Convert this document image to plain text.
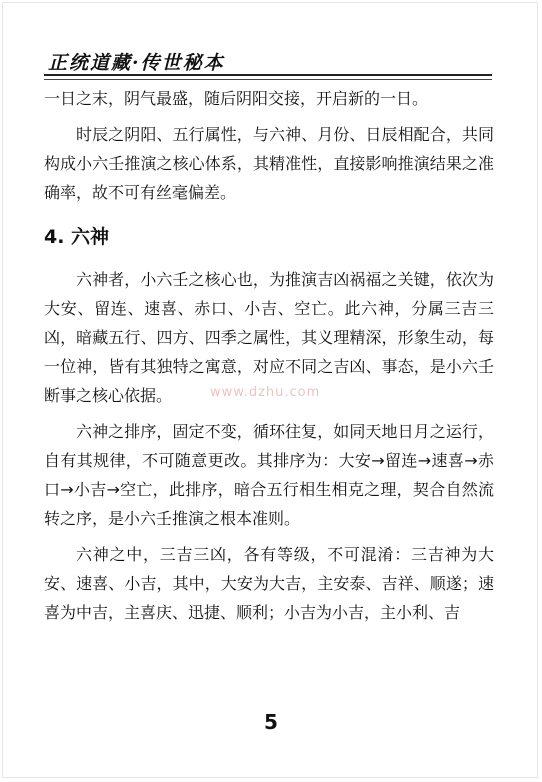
正统道藏·传世秘本

一日之末，阴气最盛，随后阴阳交接，开启新的一日。

时辰之阴阳、五行属性，与六神、月份、日辰相配合，共同构成小六壬推演之核心体系，其精准性，直接影响推演结果之准确率，故不可有丝毫偏差。

4. 六神

六神者，小六壬之核心也，为推演吉凶祸福之关键，依次为大安、留连、速喜、赤口、小吉、空亡。此六神，分属三吉三凶，暗藏五行、四方、四季之属性，其义理精深，形象生动，每一位神，皆有其独特之寓意，对应不同之吉凶、事态，是小六壬断事之核心依据。

六神之排序，固定不变，循环往复，如同天地日月之运行，自有其规律，不可随意更改。其排序为：大安→留连→速喜→赤口→小吉→空亡，此排序，暗合五行相生相克之理，契合自然流转之序，是小六壬推演之根本准则。

六神之中，三吉三凶，各有等级，不可混淆：三吉神为大安、速喜、小吉，其中，大安为大吉，主安泰、吉祥、顺遂；速喜为中吉，主喜庆、迅捷、顺利；小吉为小吉，主小利、吉

www.dzhu.com
5
